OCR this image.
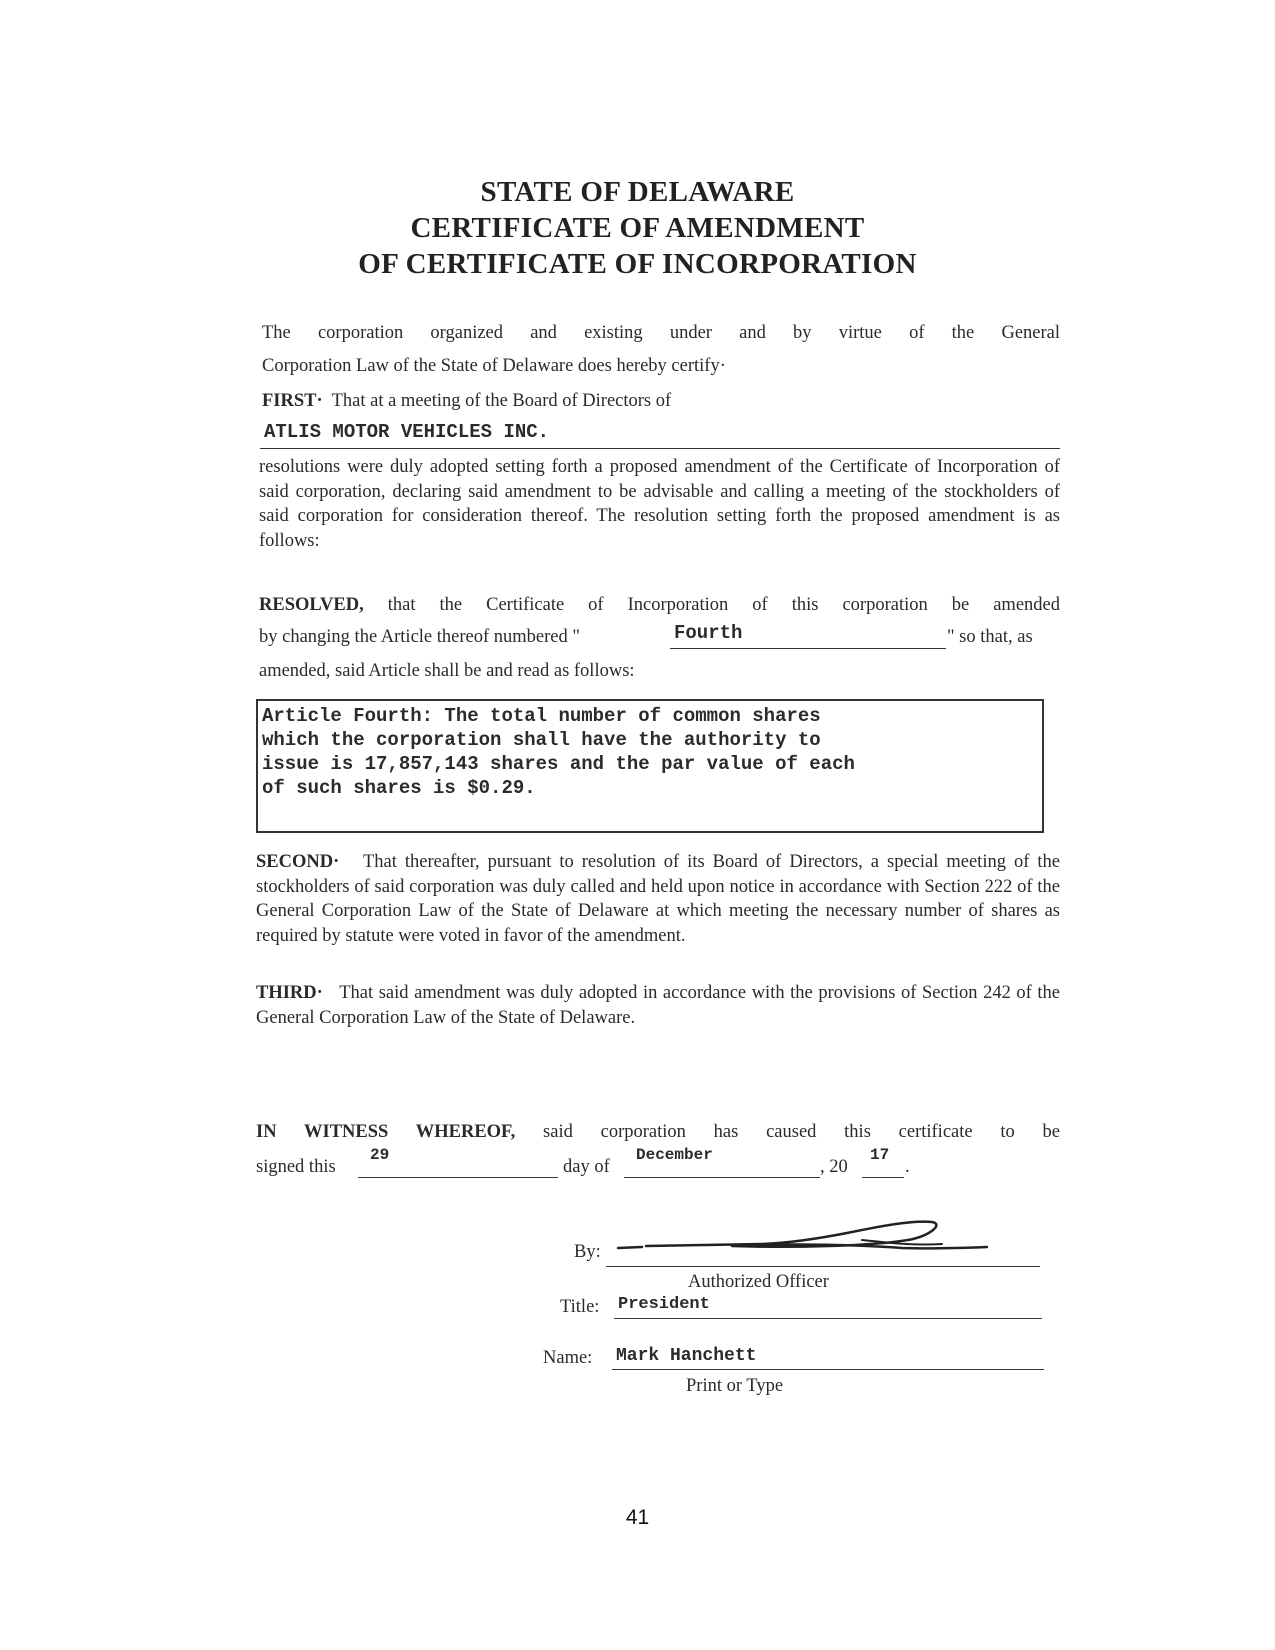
STATE OF DELAWARE
CERTIFICATE OF AMENDMENT
OF CERTIFICATE OF INCORPORATION
The corporation organized and existing under and by virtue of the General
Corporation Law of the State of Delaware does hereby certify·
FIRST· That at a meeting of the Board of Directors of
ATLIS MOTOR VEHICLES INC.
resolutions were duly adopted setting forth a proposed amendment of the Certificate of Incorporation of said corporation, declaring said amendment to be advisable and calling a meeting of the stockholders of said corporation for consideration thereof. The resolution setting forth the proposed amendment is as follows:
RESOLVED, that the Certificate of Incorporation of this corporation be amended
by changing the Article thereof numbered "	Fourth	" so that, as
amended, said Article shall be and read as follows:
Article Fourth: The total number of common shares
which the corporation shall have the authority to
issue is 17,857,143 shares and the par value of each
of such shares is $0.29.
SECOND· That thereafter, pursuant to resolution of its Board of Directors, a special meeting of the stockholders of said corporation was duly called and held upon notice in accordance with Section 222 of the General Corporation Law of the State of Delaware at which meeting the necessary number of shares as required by statute were voted in favor of the amendment.
THIRD· That said amendment was duly adopted in accordance with the provisions of Section 242 of the General Corporation Law of the State of Delaware.
IN WITNESS WHEREOF, said corporation has caused this certificate to be
signed this
29
day of
December
, 20
17
.
By:
Authorized Officer
Title: President
Name: Mark Hanchett
Print or Type
41
